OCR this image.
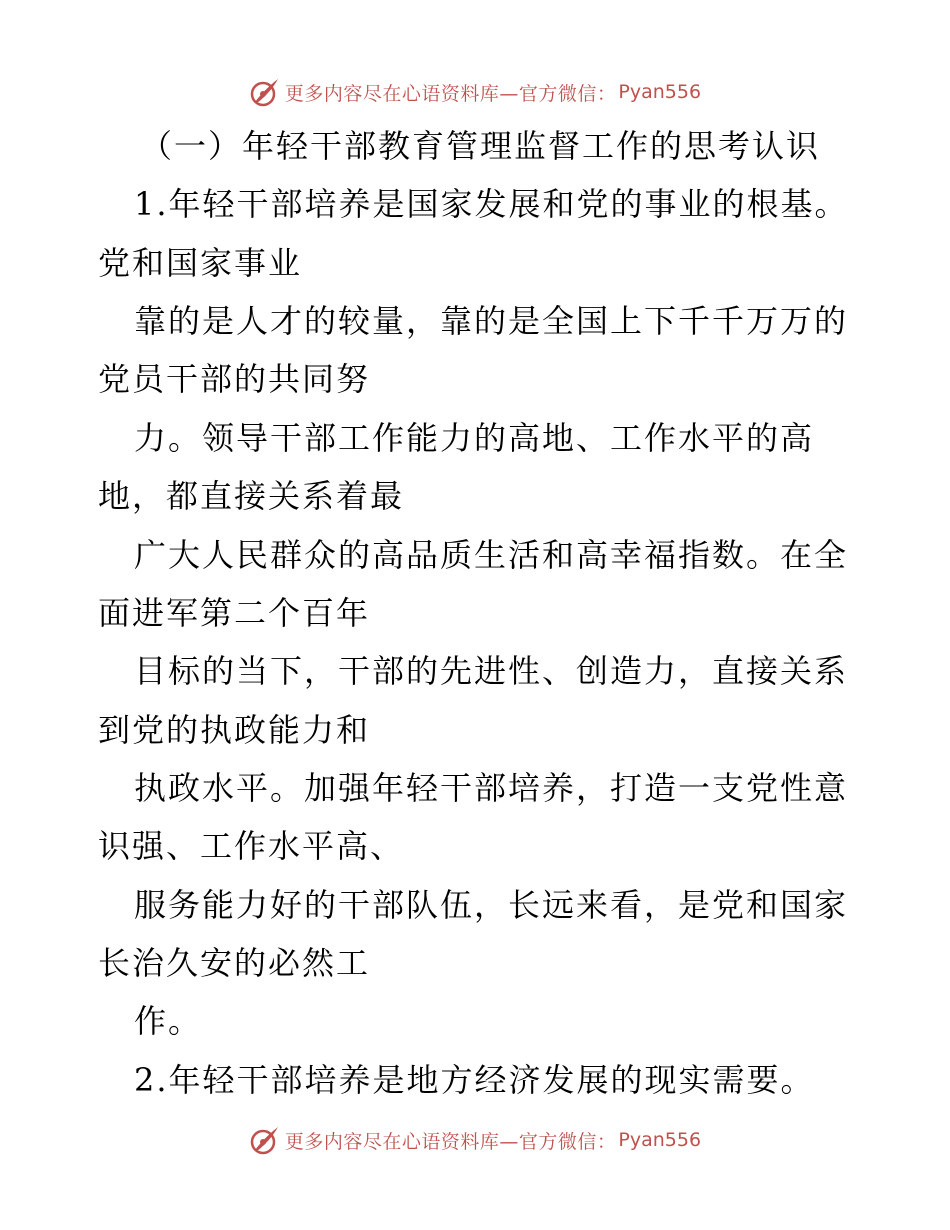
更多内容尽在心语资料库—官方微信： Pyan556
（一）年轻干部教育管理监督工作的思考认识
1.年轻干部培养是国家发展和党的事业的根基。
党和国家事业
靠的是人才的较量，靠的是全国上下千千万万的
党员干部的共同努
力。领导干部工作能力的高地、工作水平的高
地，都直接关系着最
广大人民群众的高品质生活和高幸福指数。在全
面进军第二个百年
目标的当下，干部的先进性、创造力，直接关系
到党的执政能力和
执政水平。加强年轻干部培养，打造一支党性意
识强、工作水平高、
服务能力好的干部队伍，长远来看，是党和国家
长治久安的必然工
作。
2.年轻干部培养是地方经济发展的现实需要。
更多内容尽在心语资料库—官方微信： Pyan556
